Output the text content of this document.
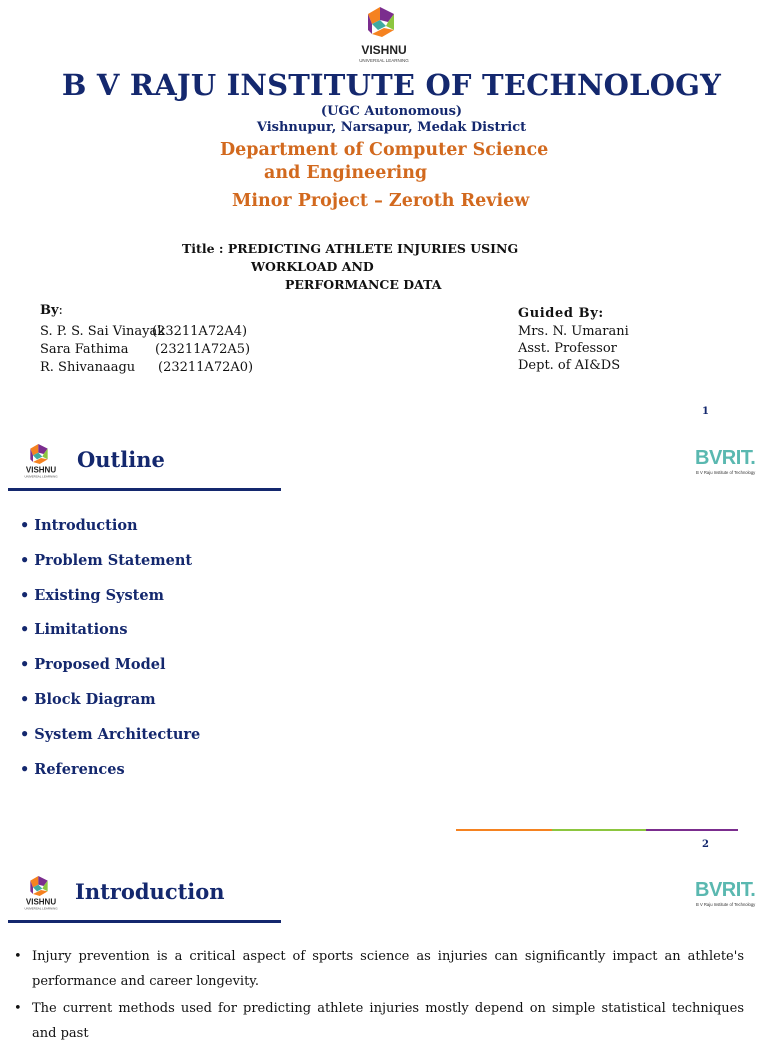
VISHNU
UNIVERSAL LEARNING
B V RAJU INSTITUTE OF TECHNOLOGY
(UGC Autonomous)
Vishnupur, Narsapur, Medak District
Department of Computer Science
and Engineering
Minor Project – Zeroth Review
Title : PREDICTING ATHLETE INJURIES USING
WORKLOAD AND
PERFORMANCE DATA
By:
S. P. S. Sai Vinayak
(23211A72A4)
Sara Fathima (23211A72A5)
R. Shivanaagu (23211A72A0)
Guided By:
Mrs. N. Umarani
Asst. Professor
Dept. of AI&DS
1
VISHNU
UNIVERSAL LEARNING
Outline	BVRIT.
B V Raju Institute of Technology
• Introduction
• Problem Statement
• Existing System
• Limitations
• Proposed Model
• Block Diagram
• System Architecture
• References
2
VISHNU
UNIVERSAL LEARNING
Introduction	BVRIT.
B V Raju Institute of Technology
• Injury prevention is a critical aspect of sports science as injuries can significantly impact an athlete's performance and career longevity.
• The current methods used for predicting athlete injuries mostly depend on simple statistical techniques and past
